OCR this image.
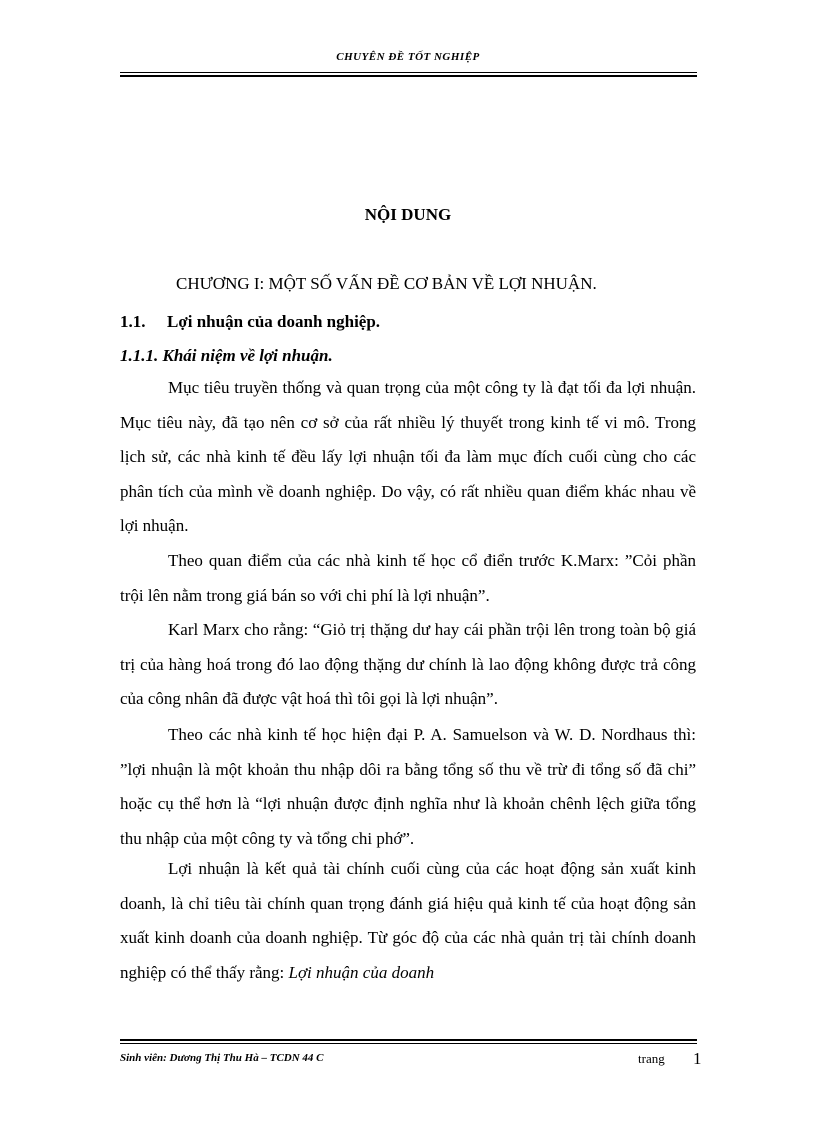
CHUYÊN ĐỀ TỐT NGHIỆP
NỘI DUNG
CHƯƠNG I: MỘT SỐ VẤN ĐỀ CƠ BẢN VỀ LỢI NHUẬN.
1.1. Lợi nhuận của doanh nghiệp.
1.1.1. Khái niệm về lợi nhuận.

Mục tiêu truyền thống và quan trọng của một công ty là đạt tối đa lợi nhuận. Mục tiêu này, đã tạo nên cơ sở của rất nhiều lý thuyết trong kinh tế vi mô. Trong lịch sử, các nhà kinh tế đều lấy lợi nhuận tối đa làm mục đích cuối cùng cho các phân tích của mình về doanh nghiệp. Do vậy, có rất nhiều quan điểm khác nhau về lợi nhuận.

Theo quan điểm của các nhà kinh tế học cổ điển trước K.Marx: ”Cỏi phần trội lên nằm trong giá bán so với chi phí là lợi nhuận”.

Karl Marx cho rằng: “Giỏ trị thặng dư hay cái phần trội lên trong toàn bộ giá trị của hàng hoá trong đó lao động thặng dư chính là lao động không được trả công của công nhân đã được vật hoá thì tôi gọi là lợi nhuận”.

Theo các nhà kinh tế học hiện đại P. A. Samuelson và W. D. Nordhaus thì: ”lợi nhuận là một khoản thu nhập dôi ra bằng tổng số thu về trừ đi tổng số đã chi” hoặc cụ thể hơn là “lợi nhuận được định nghĩa như là khoản chênh lệch giữa tổng thu nhập của một công ty và tổng chi phớ”.

Lợi nhuận là kết quả tài chính cuối cùng của các hoạt động sản xuất kinh doanh, là chỉ tiêu tài chính quan trọng đánh giá hiệu quả kinh tế của hoạt động sản xuất kinh doanh của doanh nghiệp. Từ góc độ của các nhà quản trị tài chính doanh nghiệp có thể thấy rằng: Lợi nhuận của doanh

Sinh viên: Dương Thị Thu Hà – TCDN 44 C	trang 1
